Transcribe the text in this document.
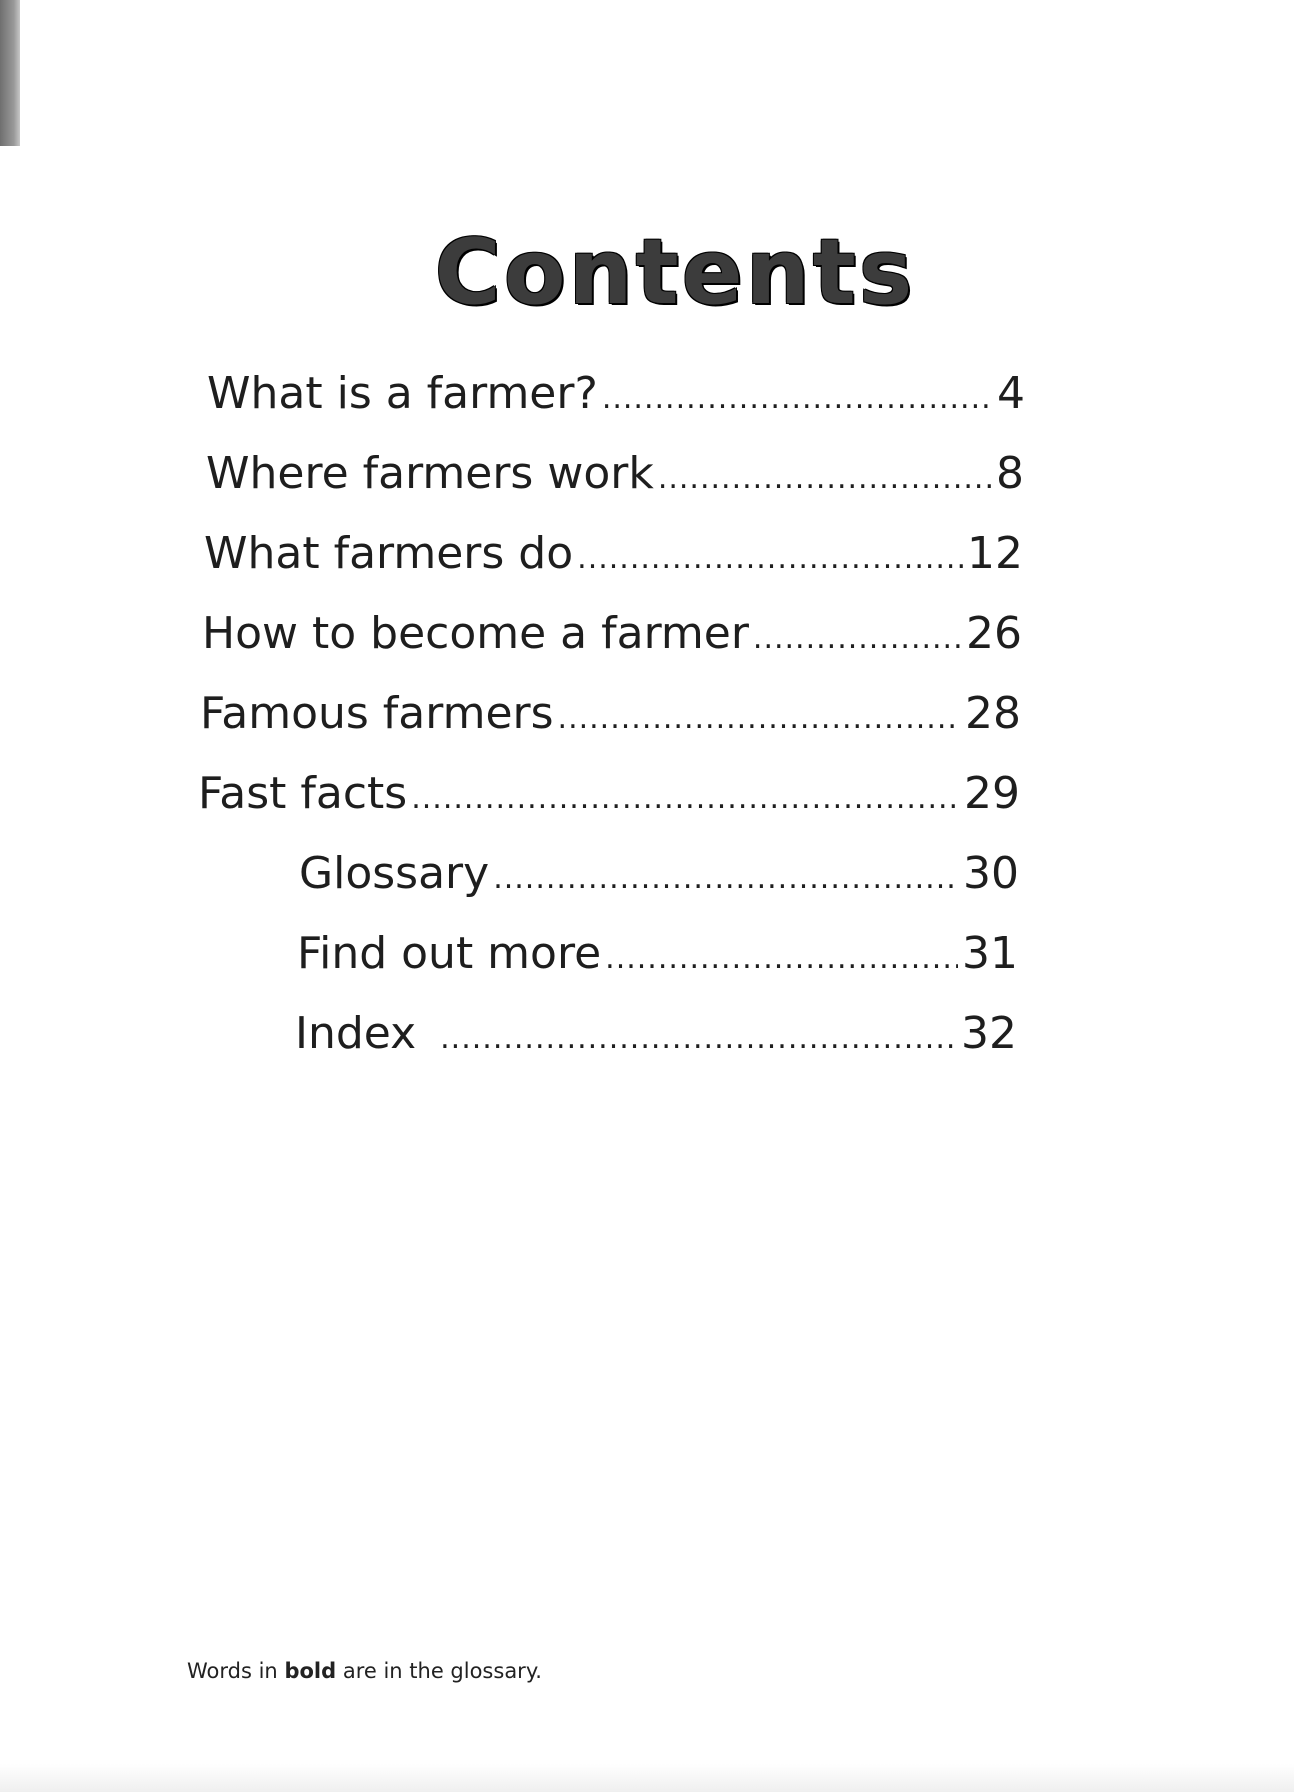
Contents
What is a farmer? .....	4
Where farmers work .....	8
What farmers do .....	12
How to become a farmer .....	26
Famous farmers .....	28
Fast facts .....	29
Glossary .....	30
Find out more .....	31
Index .....	32

Words in bold are in the glossary.
